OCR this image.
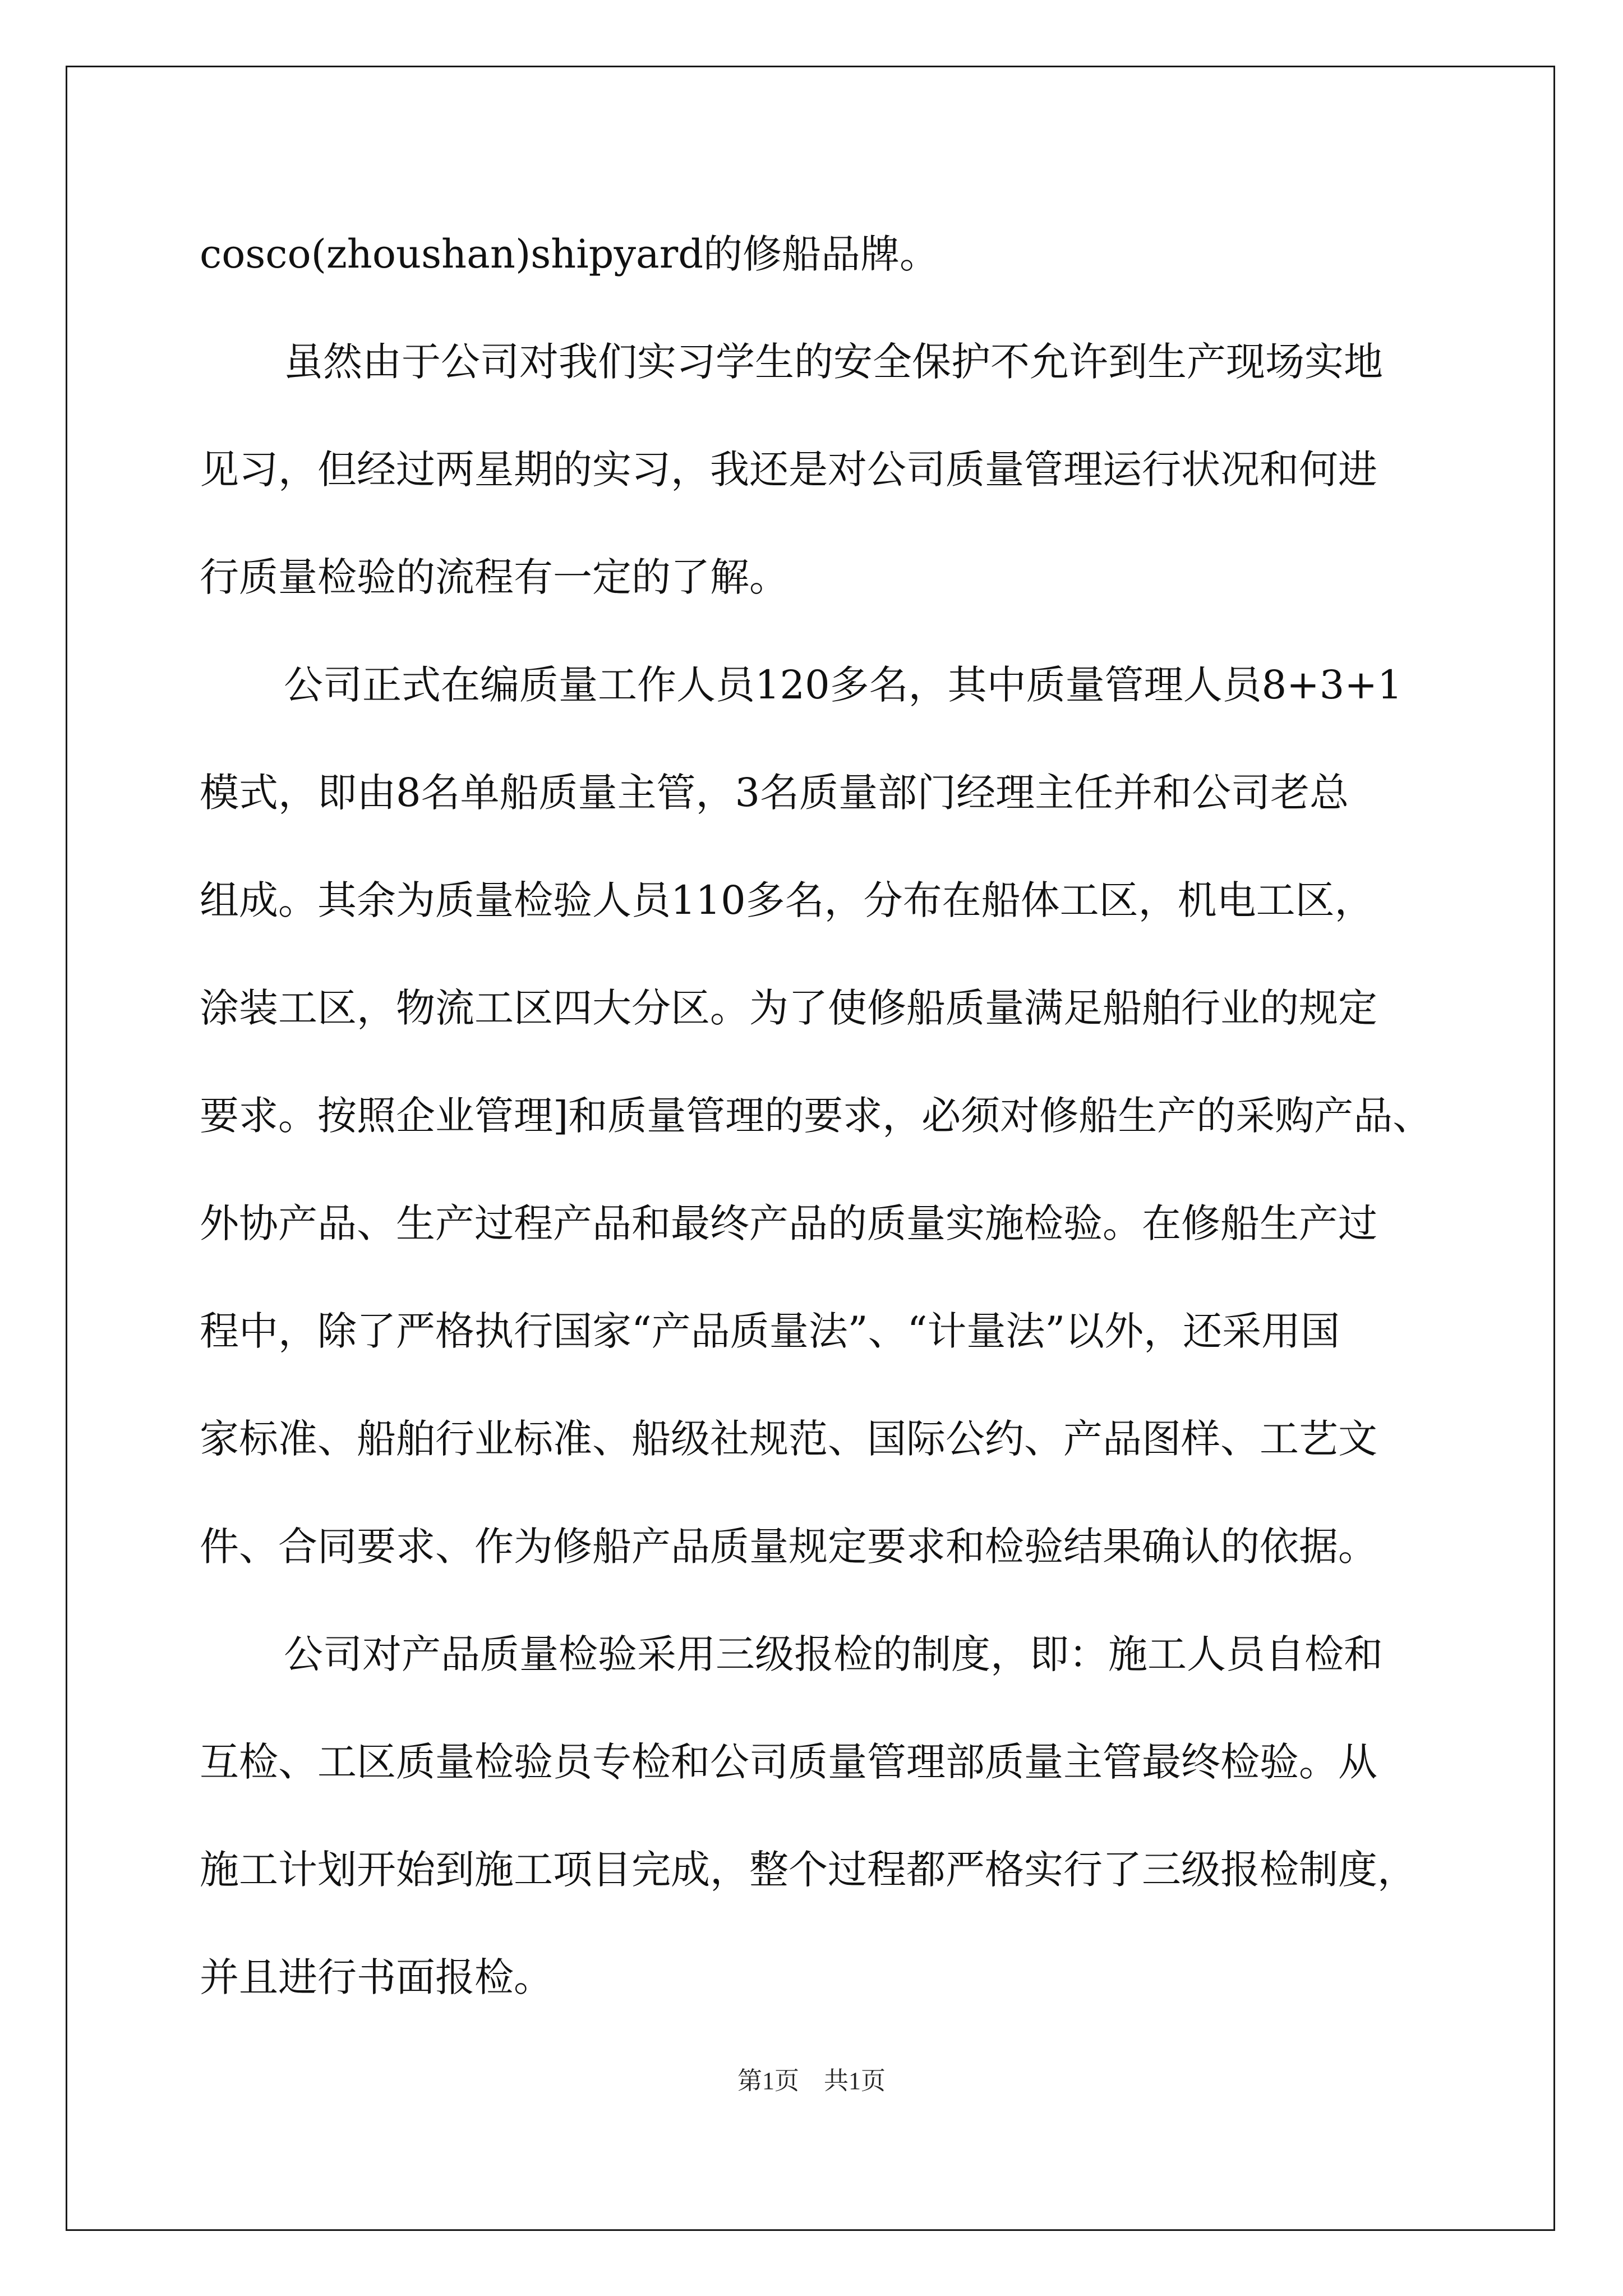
cosco(zhoushan)shipyard的修船品牌。
虽然由于公司对我们实习学生的安全保护不允许到生产现场实地
见习，但经过两星期的实习，我还是对公司质量管理运行状况和何进
行质量检验的流程有一定的了解。
公司正式在编质量工作人员120多名，其中质量管理人员8+3+1
模式，即由8名单船质量主管，3名质量部门经理主任并和公司老总
组成。其余为质量检验人员110多名，分布在船体工区，机电工区，
涂装工区，物流工区四大分区。为了使修船质量满足船舶行业的规定
要求。按照企业管理]和质量管理的要求，必须对修船生产的采购产品、
外协产品、生产过程产品和最终产品的质量实施检验。在修船生产过
程中，除了严格执行国家“产品质量法”、“计量法”以外，还采用国
家标准、船舶行业标准、船级社规范、国际公约、产品图样、工艺文
件、合同要求、作为修船产品质量规定要求和检验结果确认的依据。
公司对产品质量检验采用三级报检的制度，即：施工人员自检和
互检、工区质量检验员专检和公司质量管理部质量主管最终检验。从
施工计划开始到施工项目完成，整个过程都严格实行了三级报检制度，
并且进行书面报检。
第1页 共1页
